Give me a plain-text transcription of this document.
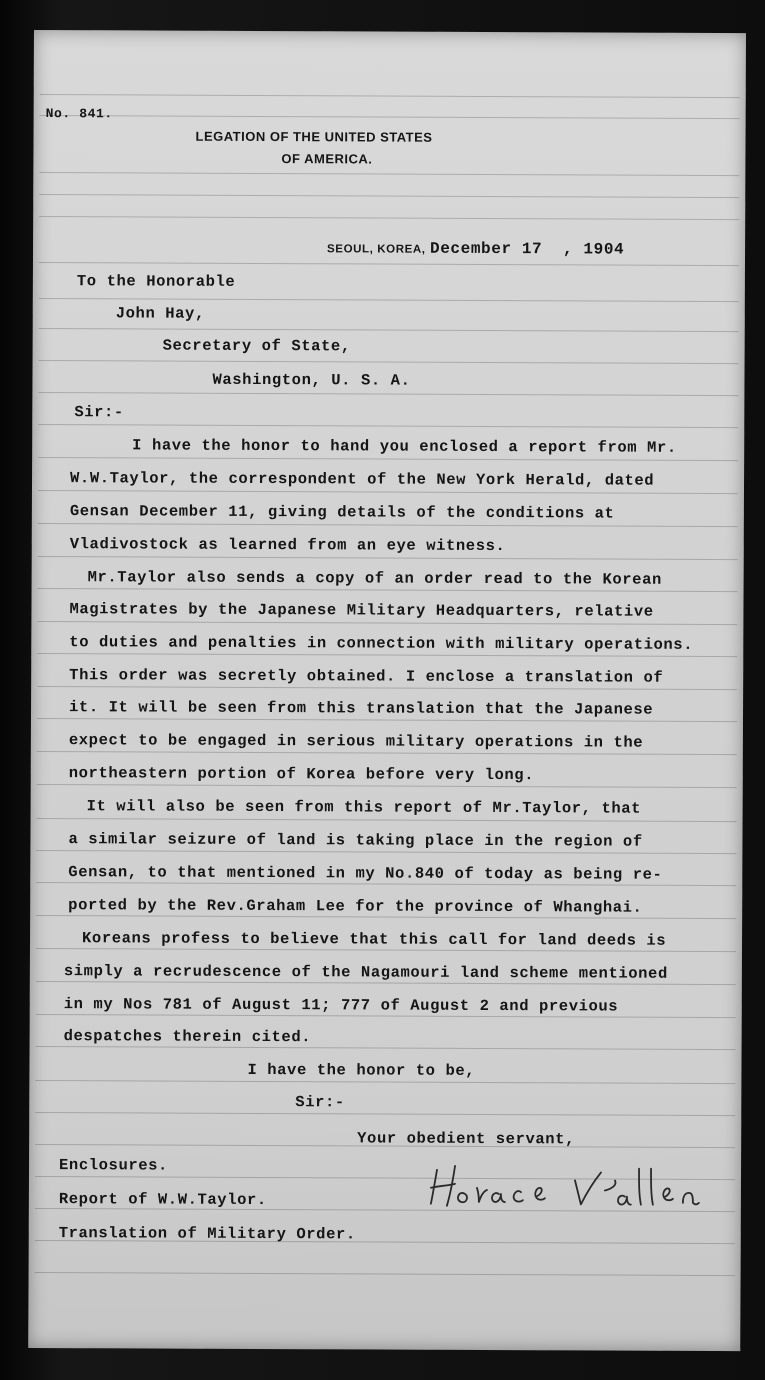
No. 841.
LEGATION OF THE UNITED STATES
OF AMERICA.
SEOUL, KOREA, December 17 , 1904
To the Honorable
John Hay,
Secretary of State,
Washington, U. S. A.
Sir:-
I have the honor to hand you enclosed a report from Mr.
W.W.Taylor, the correspondent of the New York Herald, dated
Gensan December 11, giving details of the conditions at
Vladivostock as learned from an eye witness.
Mr.Taylor also sends a copy of an order read to the Korean
Magistrates by the Japanese Military Headquarters, relative
to duties and penalties in connection with military operations.
This order was secretly obtained. I enclose a translation of
it. It will be seen from this translation that the Japanese
expect to be engaged in serious military operations in the
northeastern portion of Korea before very long.
It will also be seen from this report of Mr.Taylor, that
a similar seizure of land is taking place in the region of
Gensan, to that mentioned in my No.840 of today as being re-
ported by the Rev.Graham Lee for the province of Whanghai.
Koreans profess to believe that this call for land deeds is
simply a recrudescence of the Nagamouri land scheme mentioned
in my Nos 781 of August 11; 777 of August 2 and previous
despatches therein cited.
I have the honor to be,
Sir:-
Your obedient servant,
Enclosures.
Report of W.W.Taylor.
Translation of Military Order.
